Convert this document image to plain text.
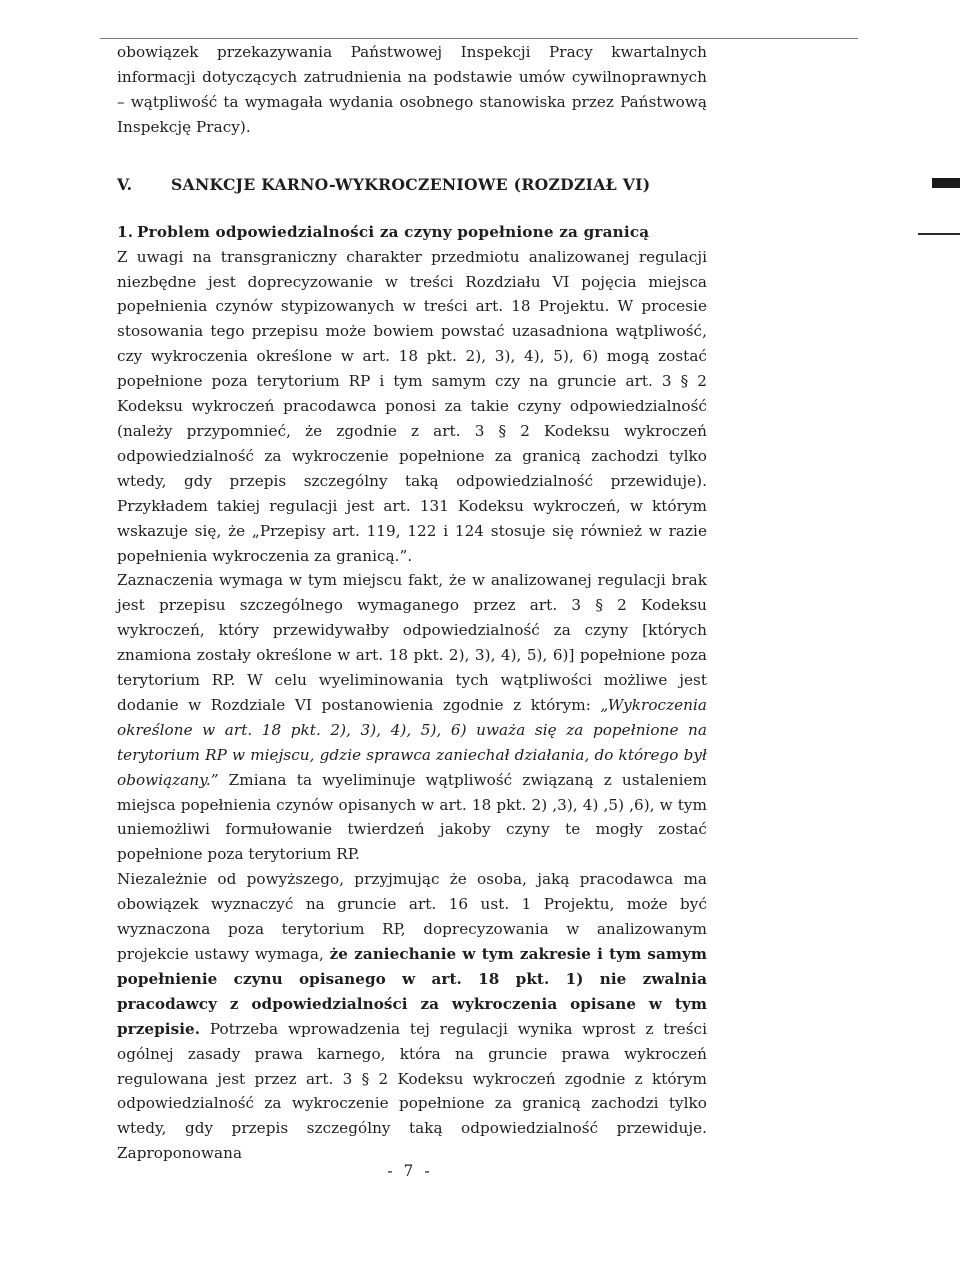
obowiązek przekazywania Państwowej Inspekcji Pracy kwartalnych informacji dotyczących zatrudnienia na podstawie umów cywilnoprawnych – wątpliwość ta wymagała wydania osobnego stanowiska przez Państwową Inspekcję Pracy).

V. SANKCJE KARNO-WYKROCZENIOWE (ROZDZIAŁ VI)
1. Problem odpowiedzialności za czyny popełnione za granicą

Z uwagi na transgraniczny charakter przedmiotu analizowanej regulacji niezbędne jest doprecyzowanie w treści Rozdziału VI pojęcia miejsca popełnienia czynów stypizowanych w treści art. 18 Projektu. W procesie stosowania tego przepisu może bowiem powstać uzasadniona wątpliwość, czy wykroczenia określone w art. 18 pkt. 2), 3), 4), 5), 6) mogą zostać popełnione poza terytorium RP i tym samym czy na gruncie art. 3 § 2 Kodeksu wykroczeń pracodawca ponosi za takie czyny odpowiedzialność (należy przypomnieć, że zgodnie z art. 3 § 2 Kodeksu wykroczeń odpowiedzialność za wykroczenie popełnione za granicą zachodzi tylko wtedy, gdy przepis szczególny taką odpowiedzialność przewiduje). Przykładem takiej regulacji jest art. 131 Kodeksu wykroczeń, w którym wskazuje się, że „Przepisy art. 119, 122 i 124 stosuje się również w razie popełnienia wykroczenia za granicą.”.

Zaznaczenia wymaga w tym miejscu fakt, że w analizowanej regulacji brak jest przepisu szczególnego wymaganego przez art. 3 § 2 Kodeksu wykroczeń, który przewidywałby odpowiedzialność za czyny [których znamiona zostały określone w art. 18 pkt. 2), 3), 4), 5), 6)] popełnione poza terytorium RP. W celu wyeliminowania tych wątpliwości możliwe jest dodanie w Rozdziale VI postanowienia zgodnie z którym: „Wykroczenia określone w art. 18 pkt. 2), 3), 4), 5), 6) uważa się za popełnione na terytorium RP w miejscu, gdzie sprawca zaniechał działania, do którego był obowiązany.” Zmiana ta wyeliminuje wątpliwość związaną z ustaleniem miejsca popełnienia czynów opisanych w art. 18 pkt. 2) ,3), 4) ,5) ,6), w tym uniemożliwi formułowanie twierdzeń jakoby czyny te mogły zostać popełnione poza terytorium RP.

Niezależnie od powyższego, przyjmując że osoba, jaką pracodawca ma obowiązek wyznaczyć na gruncie art. 16 ust. 1 Projektu, może być wyznaczona poza terytorium RP, doprecyzowania w analizowanym projekcie ustawy wymaga, że zaniechanie w tym zakresie i tym samym popełnienie czynu opisanego w art. 18 pkt. 1) nie zwalnia pracodawcy z odpowiedzialności za wykroczenia opisane w tym przepisie. Potrzeba wprowadzenia tej regulacji wynika wprost z treści ogólnej zasady prawa karnego, która na gruncie prawa wykroczeń regulowana jest przez art. 3 § 2 Kodeksu wykroczeń zgodnie z którym odpowiedzialność za wykroczenie popełnione za granicą zachodzi tylko wtedy, gdy przepis szczególny taką odpowiedzialność przewiduje. Zaproponowana

- 7 -
